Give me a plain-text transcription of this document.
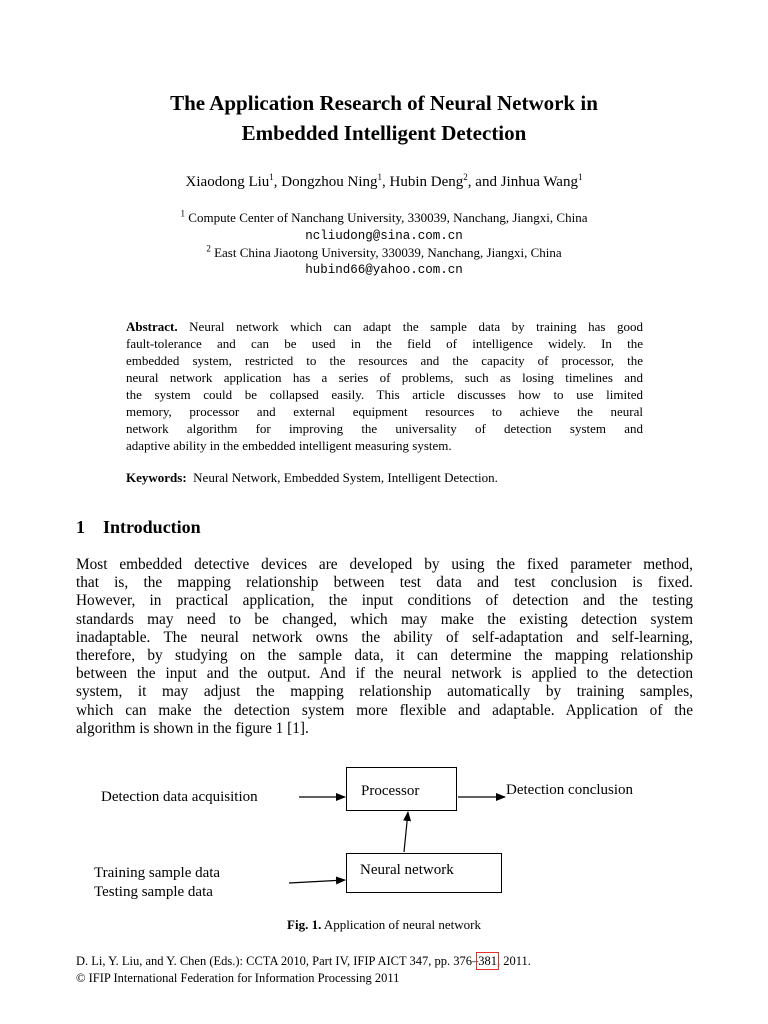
The Application Research of Neural Network in
Embedded Intelligent Detection
Xiaodong Liu$^1$, Dongzhou Ning$^1$, Hubin Deng$^2$, and Jinhua Wang$^1$
$^1$ Compute Center of Nanchang University, 330039, Nanchang, Jiangxi, China
ncliudong@sina.com.cn
$^2$ East China Jiaotong University, 330039, Nanchang, Jiangxi, China
hubind66@yahoo.com.cn
Abstract. Neural network which can adapt the sample data by training has good
fault-tolerance and can be used in the field of intelligence widely. In the
embedded system, restricted to the resources and the capacity of processor, the
neural network application has a series of problems, such as losing timelines and
the system could be collapsed easily. This article discusses how to use limited
memory, processor and external equipment resources to achieve the neural
network algorithm for improving the universality of detection system and
adaptive ability in the embedded intelligent measuring system.
Keywords: Neural Network, Embedded System, Intelligent Detection.
1 Introduction
Most embedded detective devices are developed by using the fixed parameter method,
that is, the mapping relationship between test data and test conclusion is fixed.
However, in practical application, the input conditions of detection and the testing
standards may need to be changed, which may make the existing detection system
inadaptable. The neural network owns the ability of self-adaptation and self-learning,
therefore, by studying on the sample data, it can determine the mapping relationship
between the input and the output. And if the neural network is applied to the detection
system, it may adjust the mapping relationship automatically by training samples,
which can make the detection system more flexible and adaptable. Application of the
algorithm is shown in the figure 1 [1].
Detection data acquisition	Processor	Detection conclusion
Neural network
Training sample data
Testing sample data
Fig. 1. Application of neural network
D. Li, Y. Liu, and Y. Chen (Eds.): CCTA 2010, Part IV, IFIP AICT 347, pp. 376–381, 2011.
© IFIP International Federation for Information Processing 2011
